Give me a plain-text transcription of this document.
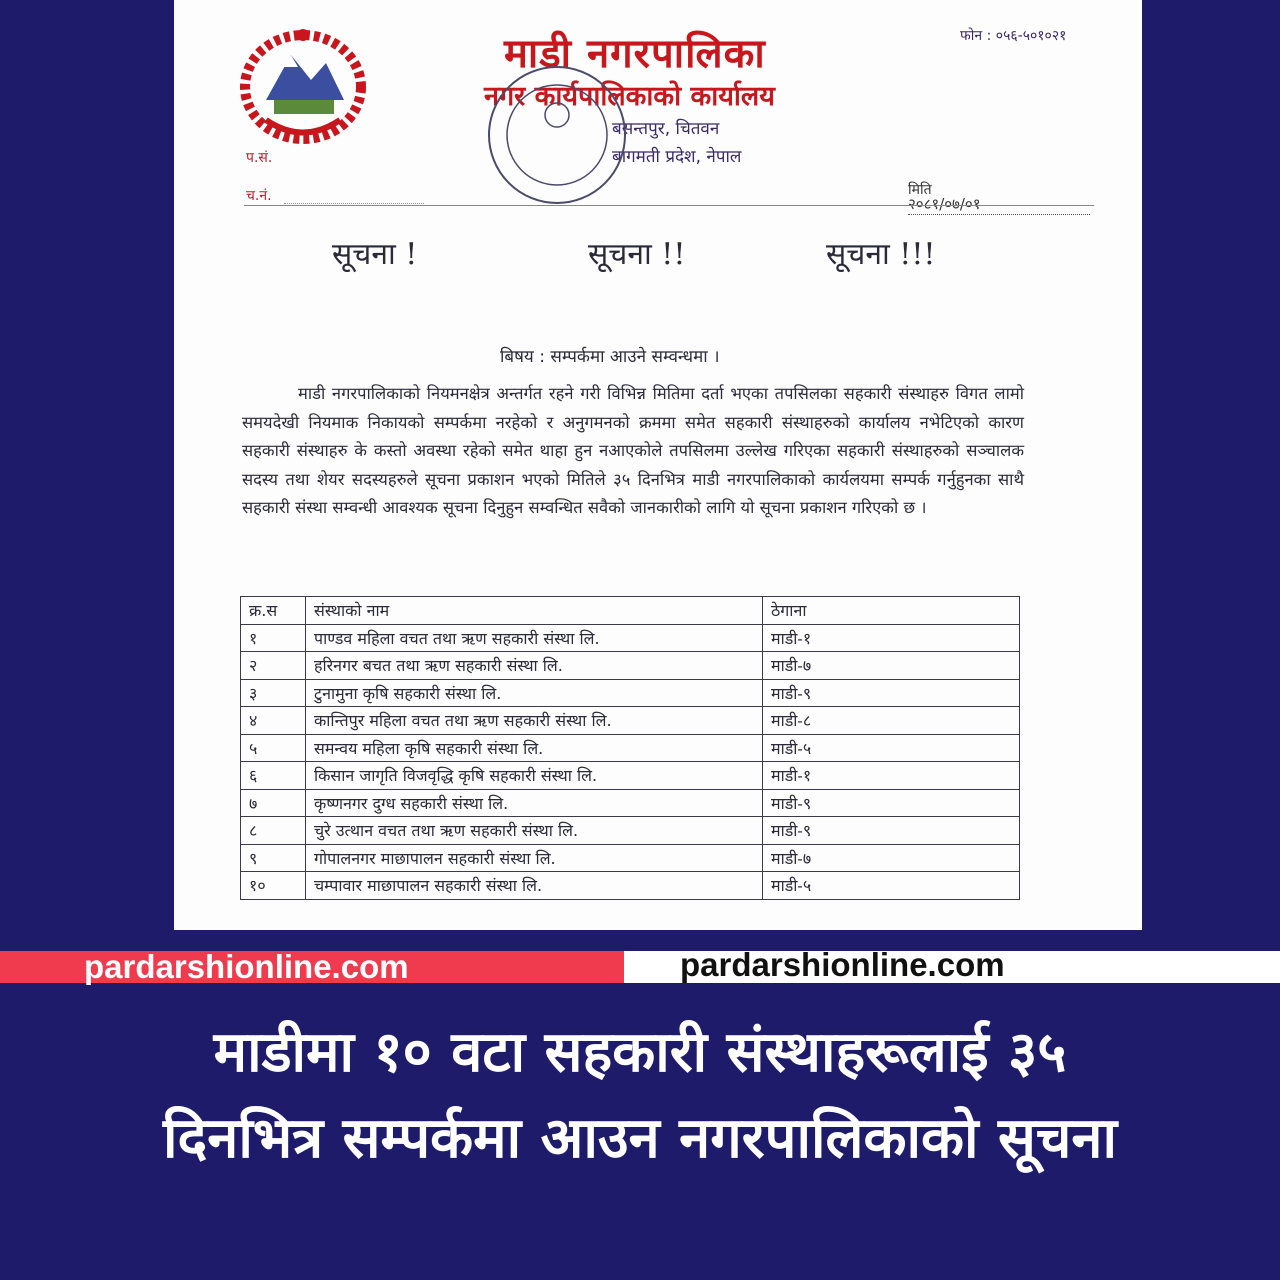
प.सं.
च.नं.
माडी नगरपालिका
नगर कार्यपालिकाको कार्यालय
बसन्तपुर, चितवन
बागमती प्रदेश, नेपाल
फोन : ०५६-५०१०२१
मिति
२०८१/०७/०१
सूचना !	सूचना !!	सूचना !!!
बिषय : सम्पर्कमा आउने सम्वन्धमा ।
माडी नगरपालिकाको नियमनक्षेत्र अन्तर्गत रहने गरी विभिन्न मितिमा दर्ता भएका तपसिलका सहकारी संस्थाहरु विगत लामो समयदेखी नियमाक निकायको सम्पर्कमा नरहेको र अनुगमनको क्रममा समेत सहकारी संस्थाहरुको कार्यालय नभेटिएको कारण सहकारी संस्थाहरु के कस्तो अवस्था रहेको समेत थाहा हुन नआएकोले तपसिलमा उल्लेख गरिएका सहकारी संस्थाहरुको सञ्चालक सदस्य तथा शेयर सदस्यहरुले सूचना प्रकाशन भएको मितिले ३५ दिनभित्र माडी नगरपालिकाको कार्यलयमा सम्पर्क गर्नुहुनका साथै सहकारी संस्था सम्वन्धी आवश्यक सूचना दिनुहुन सम्वन्धित सवैको जानकारीको लागि यो सूचना प्रकाशन गरिएको छ ।
क्र.स	संस्थाको नाम	ठेगाना
१	पाण्डव महिला वचत तथा ऋण सहकारी संस्था लि.	माडी-१
२	हरिनगर बचत तथा ऋण सहकारी संस्था लि.	माडी-७
३	टुनामुना कृषि सहकारी संस्था लि.	माडी-९
४	कान्तिपुर महिला वचत तथा ऋण सहकारी संस्था लि.	माडी-८
५	समन्वय महिला कृषि सहकारी संस्था लि.	माडी-५
६	किसान जागृति विजवृद्धि कृषि सहकारी संस्था लि.	माडी-१
७	कृष्णनगर दुग्ध सहकारी संस्था लि.	माडी-९
८	चुरे उत्थान वचत तथा ऋण सहकारी संस्था लि.	माडी-९
९	गोपालनगर माछापालन सहकारी संस्था लि.	माडी-७
१०	चम्पावार माछापालन सहकारी संस्था लि.	माडी-५
pardarshionline.com	pardarshionline.com
माडीमा १० वटा सहकारी संस्थाहरूलाई ३५
दिनभित्र सम्पर्कमा आउन नगरपालिकाको सूचना
